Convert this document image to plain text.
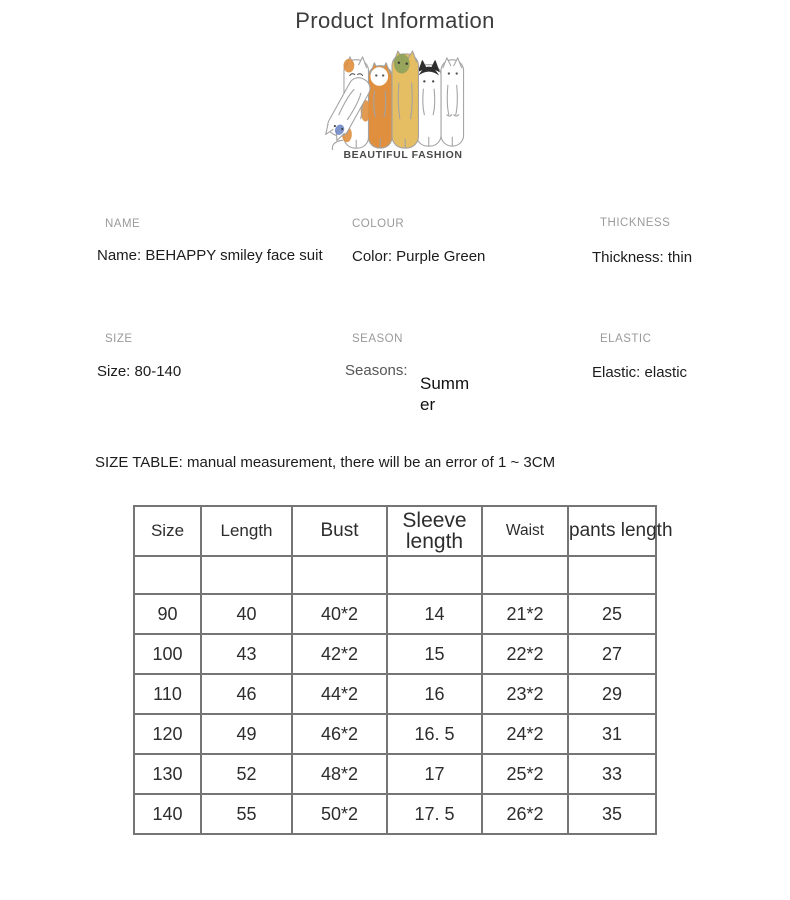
Product Information
BEAUTIFUL FASHION
NAME
Name: BEHAPPY smiley face suit
COLOUR
Color: Purple Green
THICKNESS
Thickness: thin
SIZE
Size: 80-140
SEASON
Seasons:
Summer
ELASTIC
Elastic: elastic
SIZE TABLE: manual measurement, there will be an error of 1 ~ 3CM
Size	Length	Bust	Sleeve length	Waist	pants length

90	40	40*2	14	21*2	25
100	43	42*2	15	22*2	27
110	46	44*2	16	23*2	29
120	49	46*2	16. 5	24*2	31
130	52	48*2	17	25*2	33
140	55	50*2	17. 5	26*2	35
